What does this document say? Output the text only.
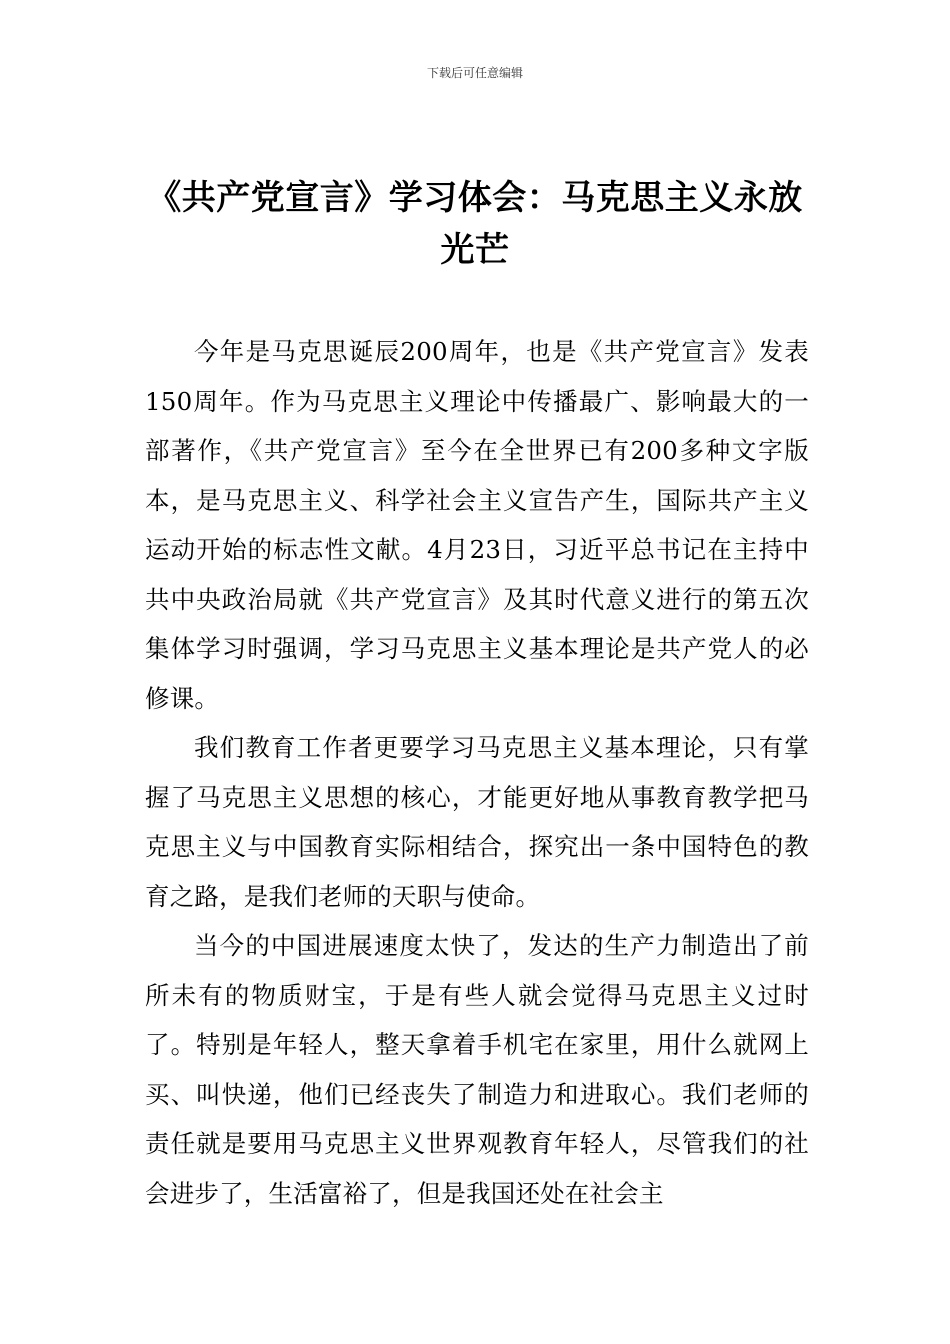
下载后可任意编辑
《共产党宣言》学习体会：马克思主义永放光芒

今年是马克思诞辰200周年，也是《共产党宣言》发表150周年。作为马克思主义理论中传播最广、影响最大的一部著作，《共产党宣言》至今在全世界已有200多种文字版本，是马克思主义、科学社会主义宣告产生，国际共产主义运动开始的标志性文献。4月23日，习近平总书记在主持中共中央政治局就《共产党宣言》及其时代意义进行的第五次集体学习时强调，学习马克思主义基本理论是共产党人的必修课。

我们教育工作者更要学习马克思主义基本理论，只有掌握了马克思主义思想的核心，才能更好地从事教育教学把马克思主义与中国教育实际相结合，探究出一条中国特色的教育之路，是我们老师的天职与使命。

当今的中国进展速度太快了，发达的生产力制造出了前所未有的物质财宝，于是有些人就会觉得马克思主义过时了。特别是年轻人，整天拿着手机宅在家里，用什么就网上买、叫快递，他们已经丧失了制造力和进取心。我们老师的责任就是要用马克思主义世界观教育年轻人，尽管我们的社会进步了，生活富裕了，但是我国还处在社会主
